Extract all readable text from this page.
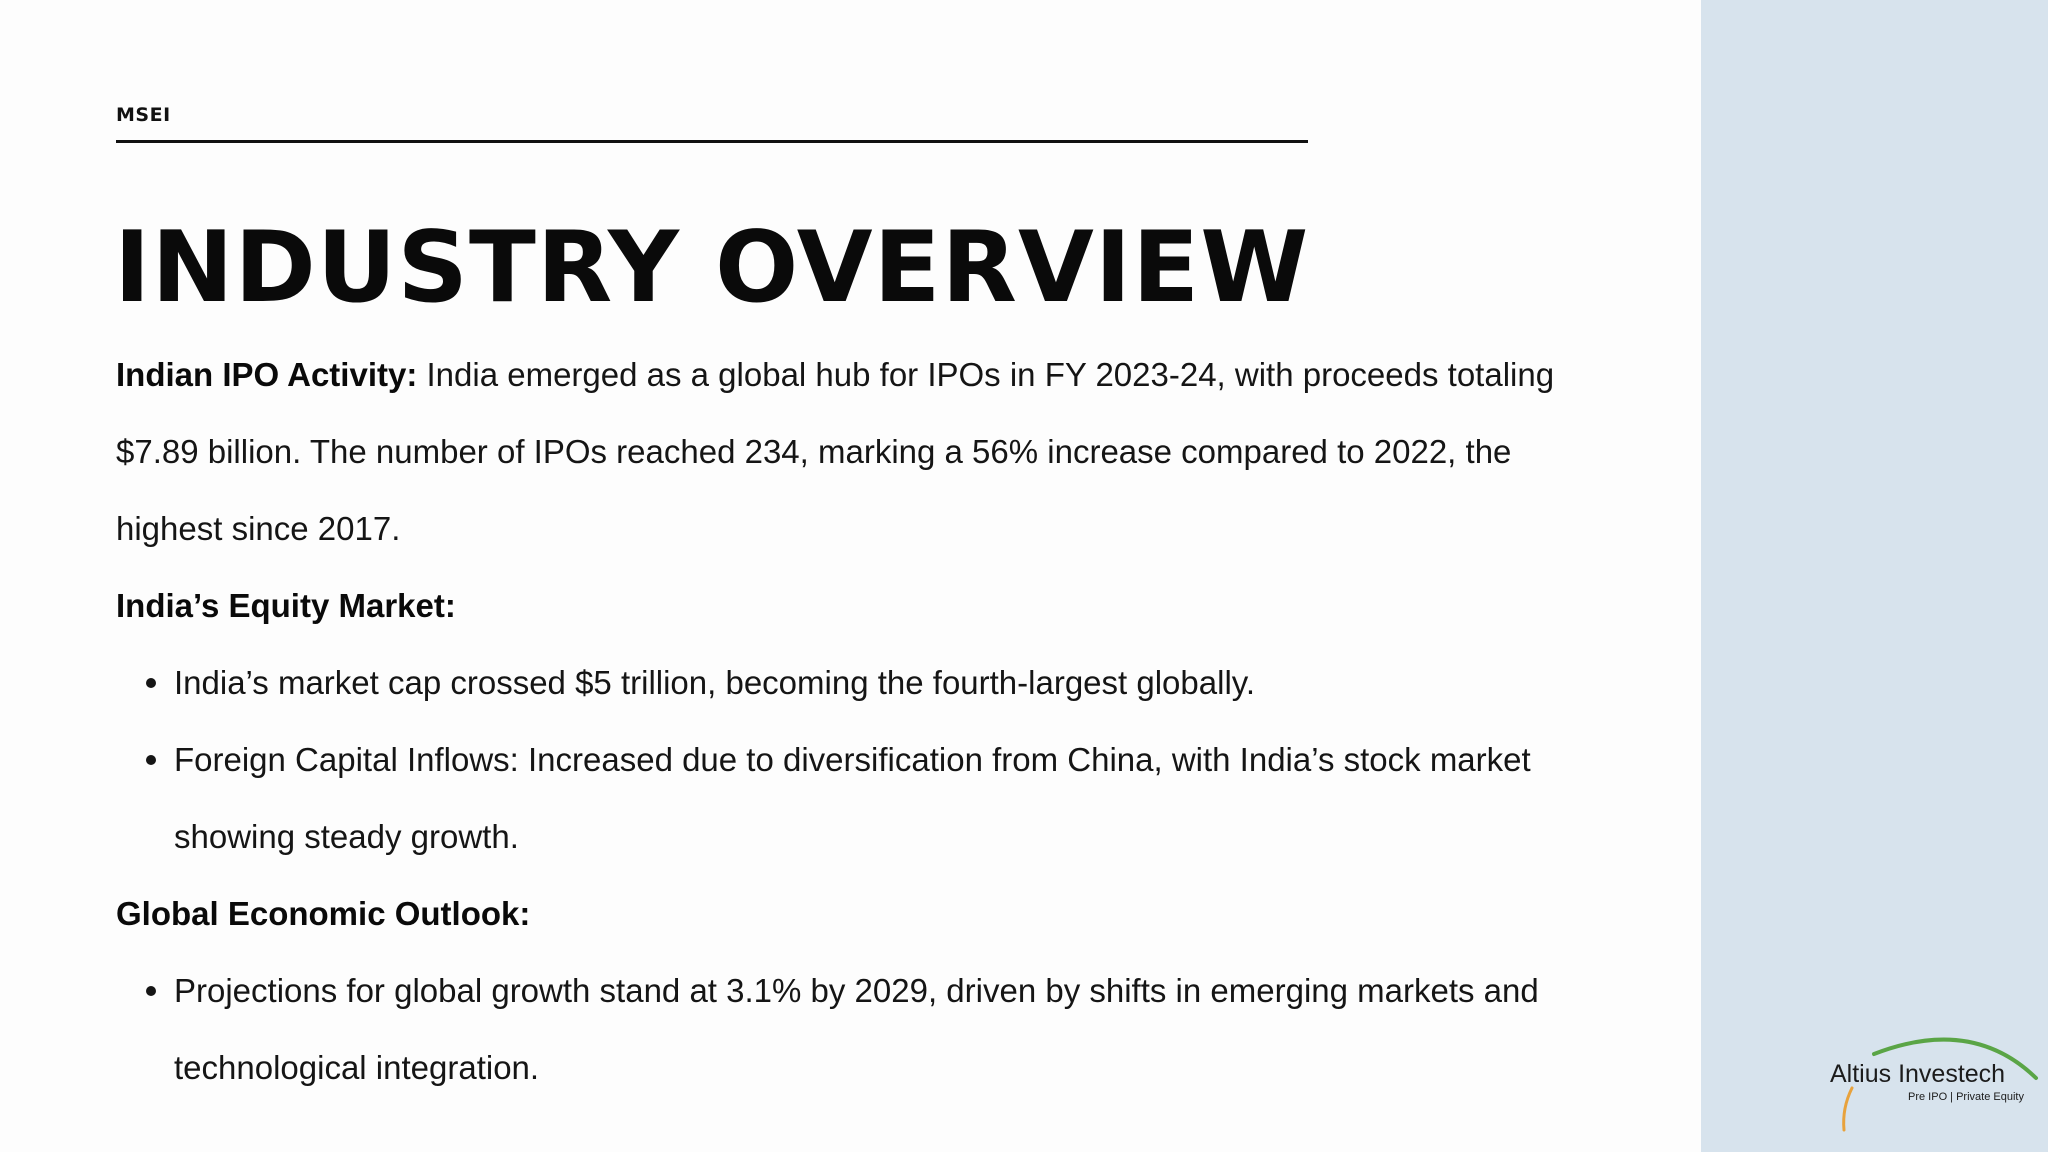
MSEI
INDUSTRY OVERVIEW

Indian IPO Activity: India emerged as a global hub for IPOs in FY 2023-24, with proceeds totaling

$7.89 billion. The number of IPOs reached 234, marking a 56% increase compared to 2022, the

highest since 2017.

India’s Equity Market:

India’s market cap crossed $5 trillion, becoming the fourth-largest globally.
Foreign Capital Inflows: Increased due to diversification from China, with India’s stock market
showing steady growth.

Global Economic Outlook:

Projections for global growth stand at 3.1% by 2029, driven by shifts in emerging markets and
technological integration.	Altius Investech
Pre IPO | Private Equity
